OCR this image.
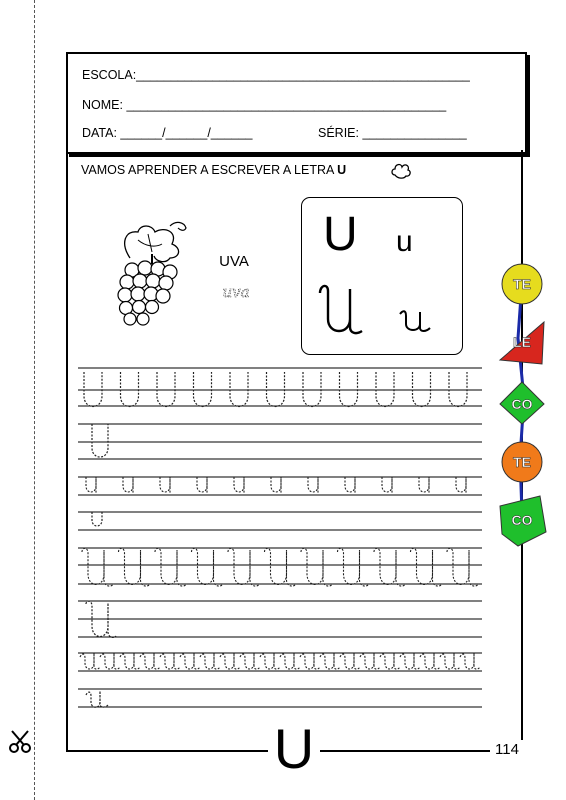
ESCOLA:________________________________________________
NOME: ______________________________________________
DATA: ______/______/______	SÉRIE: _______________
VAMOS APRENDER A ESCREVER A LETRA U
UVA
uva
U u
TE
LE
CO
TE
CO
U	114
